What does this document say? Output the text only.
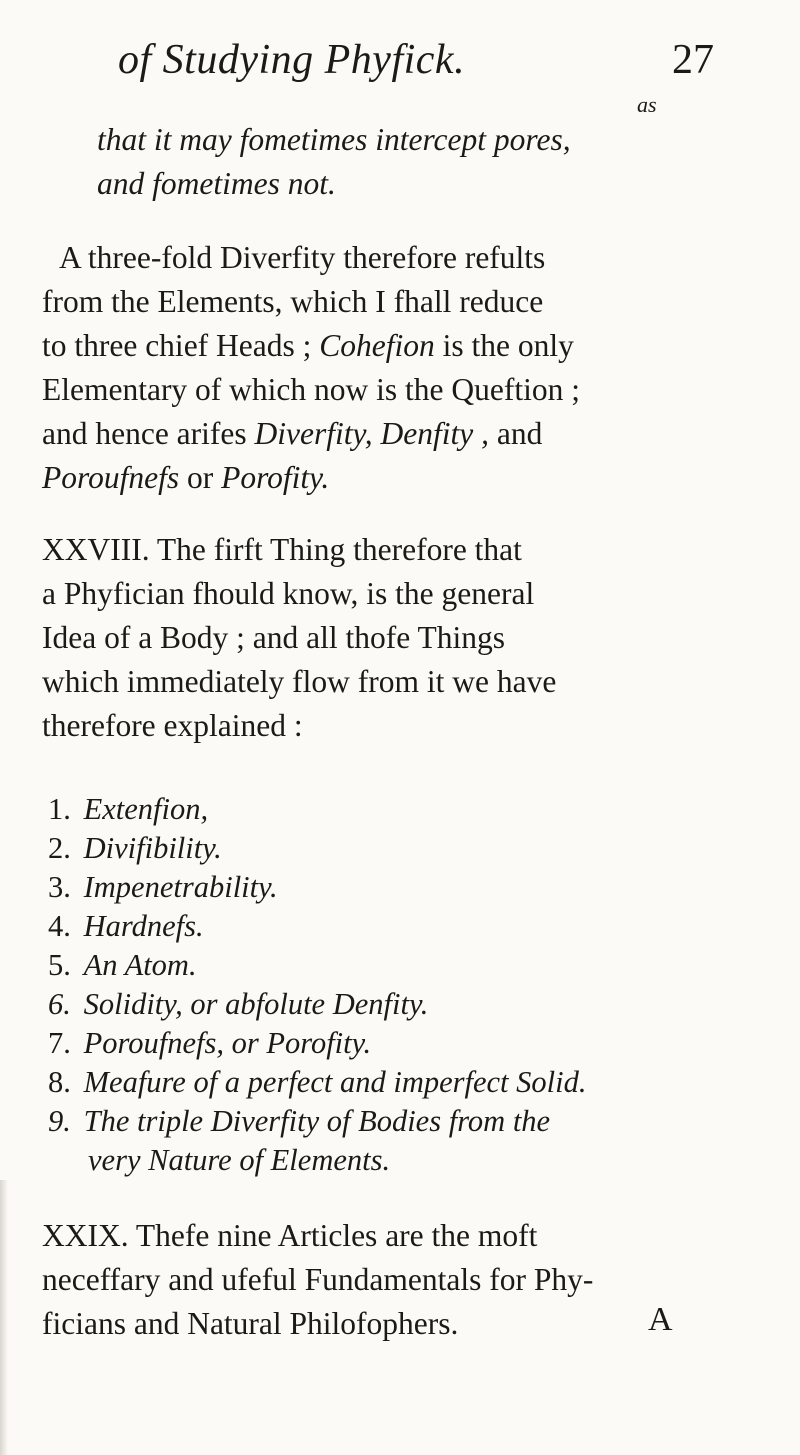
of Studying Phyfick.	27
as
that it may fometimes intercept pores,
and fometimes not.
A three-fold Diverfity therefore refults
from the Elements, which I fhall reduce
to three chief Heads ; Cohefion is the only
Elementary of which now is the Queftion ;
and hence arifes Diverfity, Denfity , and
Poroufnefs or Porofity.
XXVIII. The firft Thing therefore that
a Phyfician fhould know, is the general
Idea of a Body ; and all thofe Things
which immediately flow from it we have
therefore explained :
1. Extenfion,
2. Divifibility.
3. Impenetrability.
4. Hardnefs.
5. An Atom.
6. Solidity, or abfolute Denfity.
7. Poroufnefs, or Porofity.
8. Meafure of a perfect and imperfect Solid.
9. The triple Diverfity of Bodies from the
very Nature of Elements.
XXIX. Thefe nine Articles are the moft
neceffary and ufeful Fundamentals for Phy-
ficians and Natural Philofophers.	A
